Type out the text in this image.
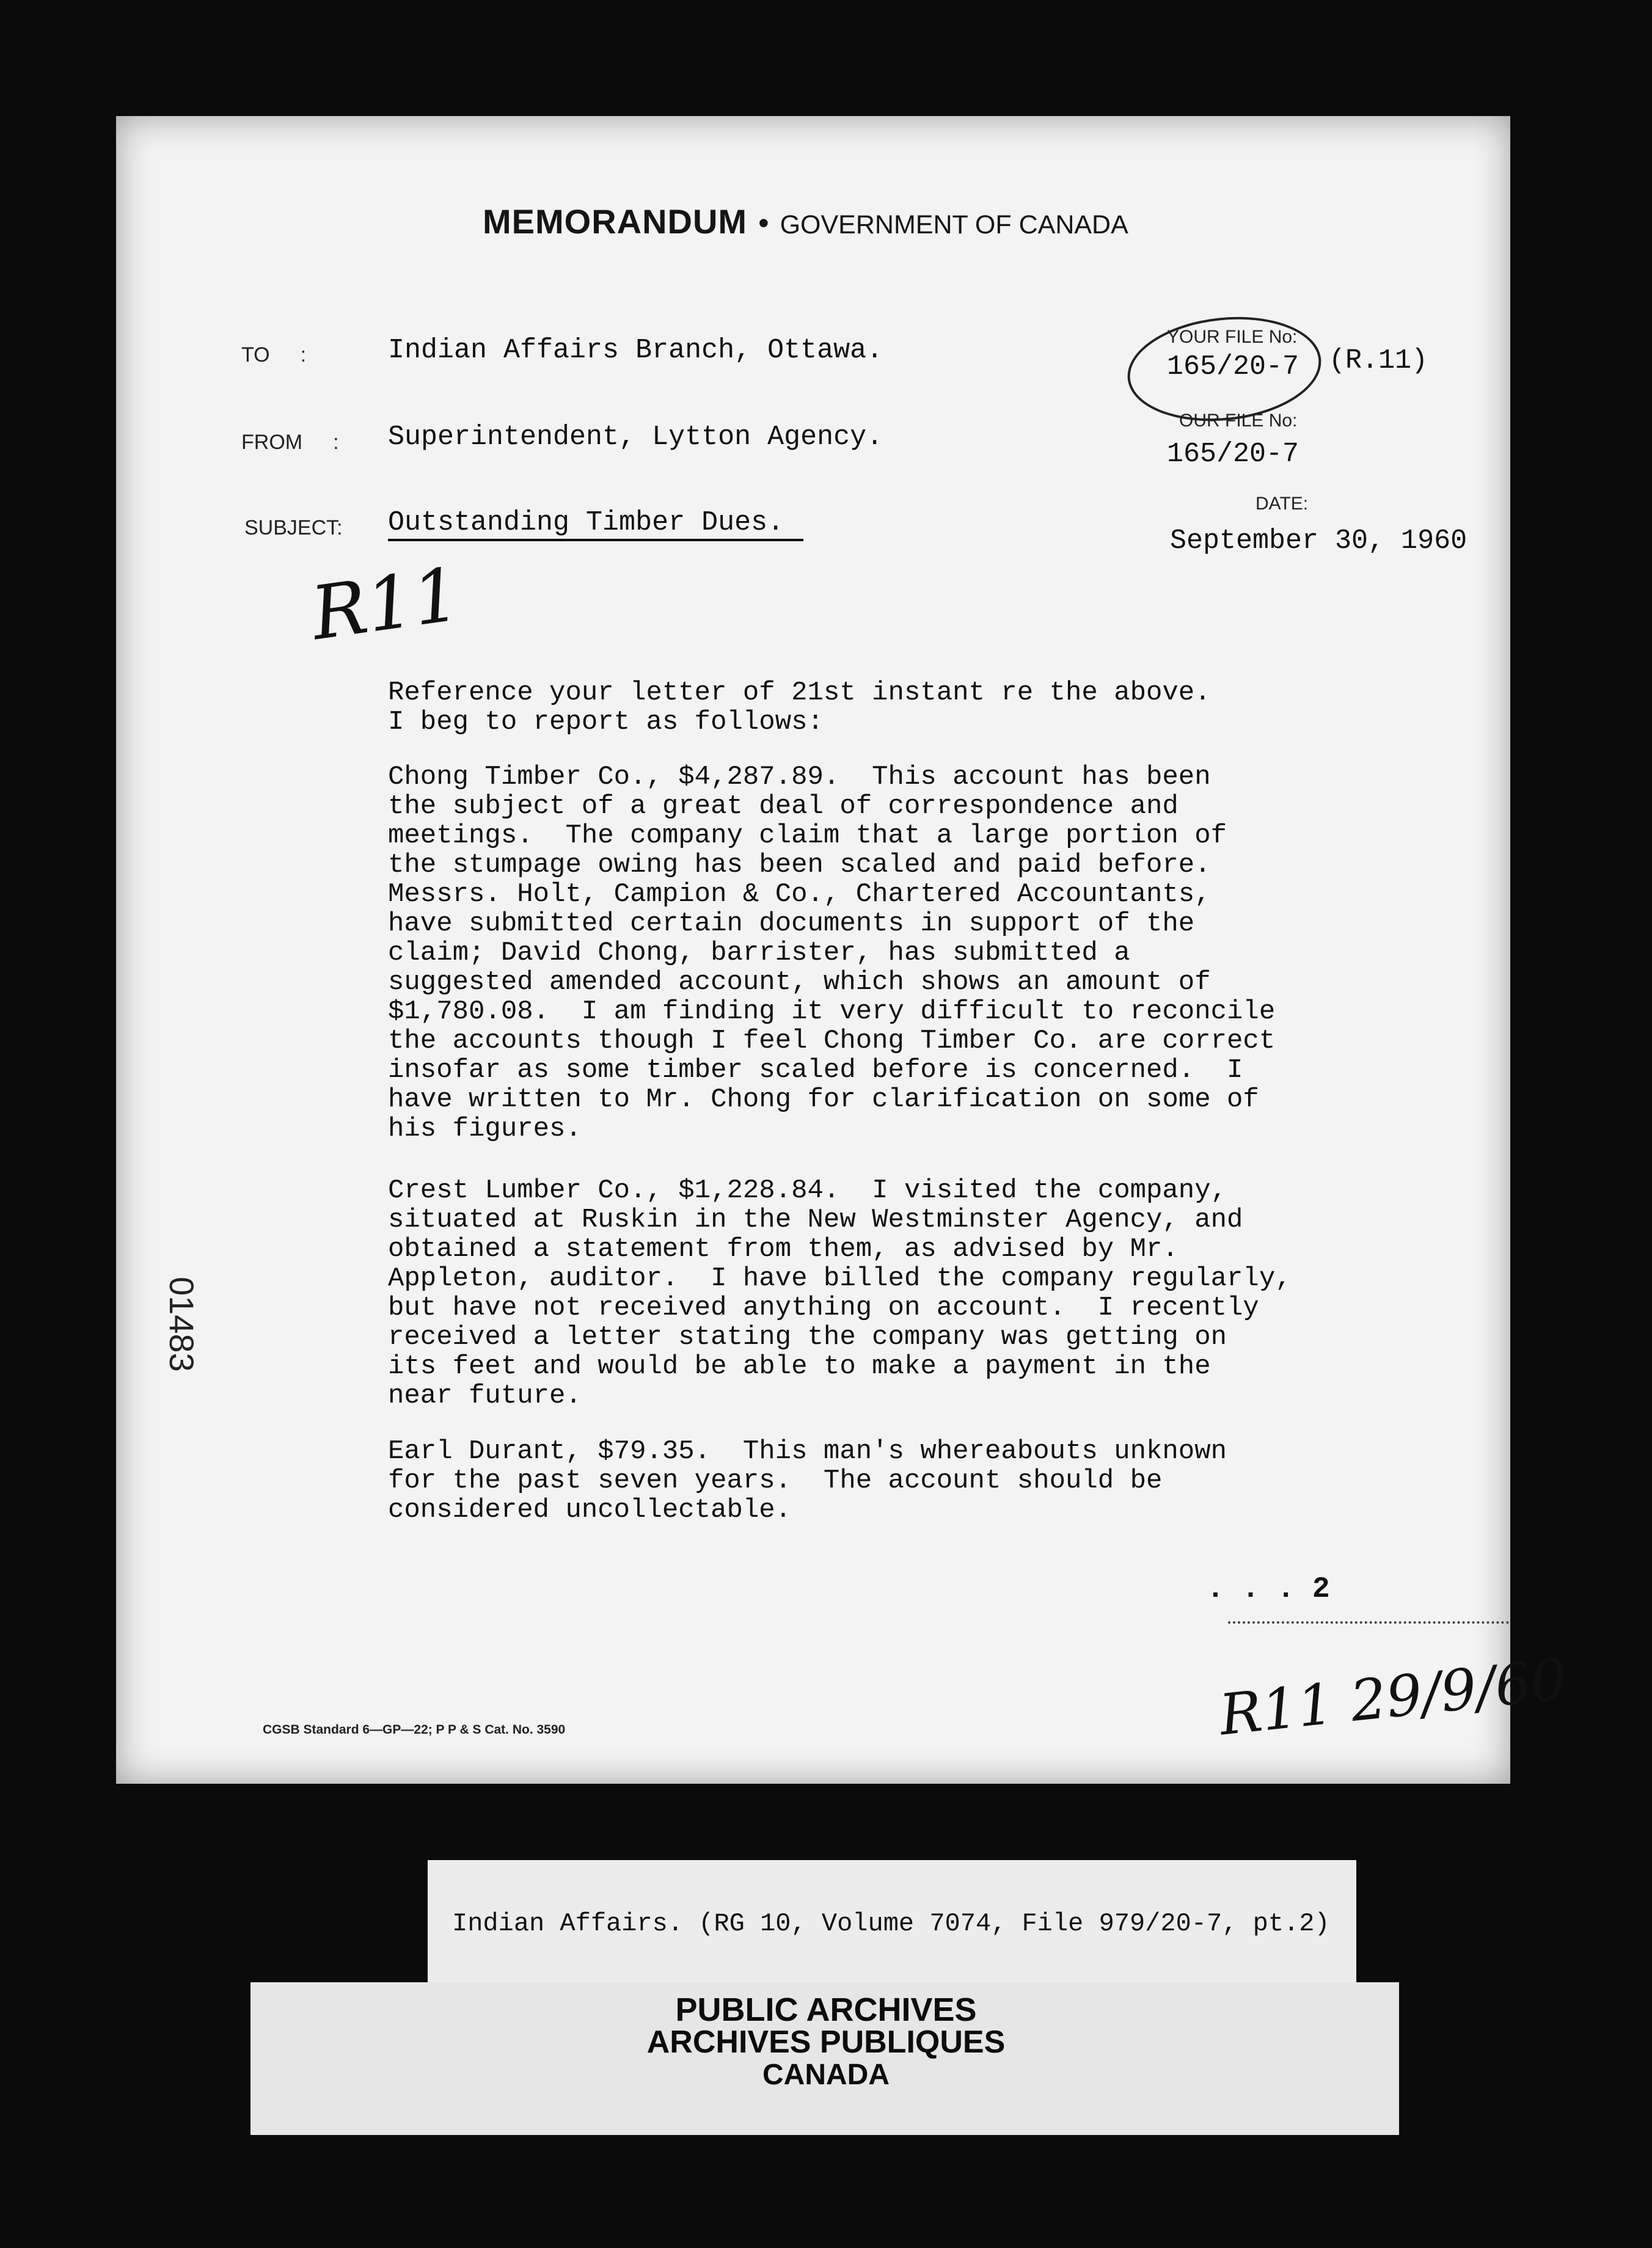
MEMORANDUM • GOVERNMENT OF CANADA
TO :	Indian Affairs Branch, Ottawa.
FROM : Superintendent, Lytton Agency.
SUBJECT: Outstanding Timber Dues.
YOUR FILE No:
165/20-7 (R.11)
OUR FILE No:
165/20-7
DATE:
September 30, 1960
R11
Reference your letter of 21st instant re the above.
I beg to report as follows:
Chong Timber Co., $4,287.89.  This account has been
the subject of a great deal of correspondence and
meetings.  The company claim that a large portion of
the stumpage owing has been scaled and paid before.
Messrs. Holt, Campion & Co., Chartered Accountants,
have submitted certain documents in support of the
claim; David Chong, barrister, has submitted a
suggested amended account, which shows an amount of
$1,780.08.  I am finding it very difficult to reconcile
the accounts though I feel Chong Timber Co. are correct
insofar as some timber scaled before is concerned.  I
have written to Mr. Chong for clarification on some of
his figures.
Crest Lumber Co., $1,228.84.  I visited the company,
situated at Ruskin in the New Westminster Agency, and
obtained a statement from them, as advised by Mr.
Appleton, auditor.  I have billed the company regularly,
but have not received anything on account.  I recently
received a letter stating the company was getting on
its feet and would be able to make a payment in the
near future.
Earl Durant, $79.35.  This man's whereabouts unknown
for the past seven years.  The account should be
considered uncollectable.
. . . 2
R11 29/9/60
CGSB Standard 6—GP—22; P P & S Cat. No. 3590
01483
Indian Affairs. (RG 10, Volume 7074, File 979/20-7, pt.2)
PUBLIC ARCHIVES
ARCHIVES PUBLIQUES
CANADA
